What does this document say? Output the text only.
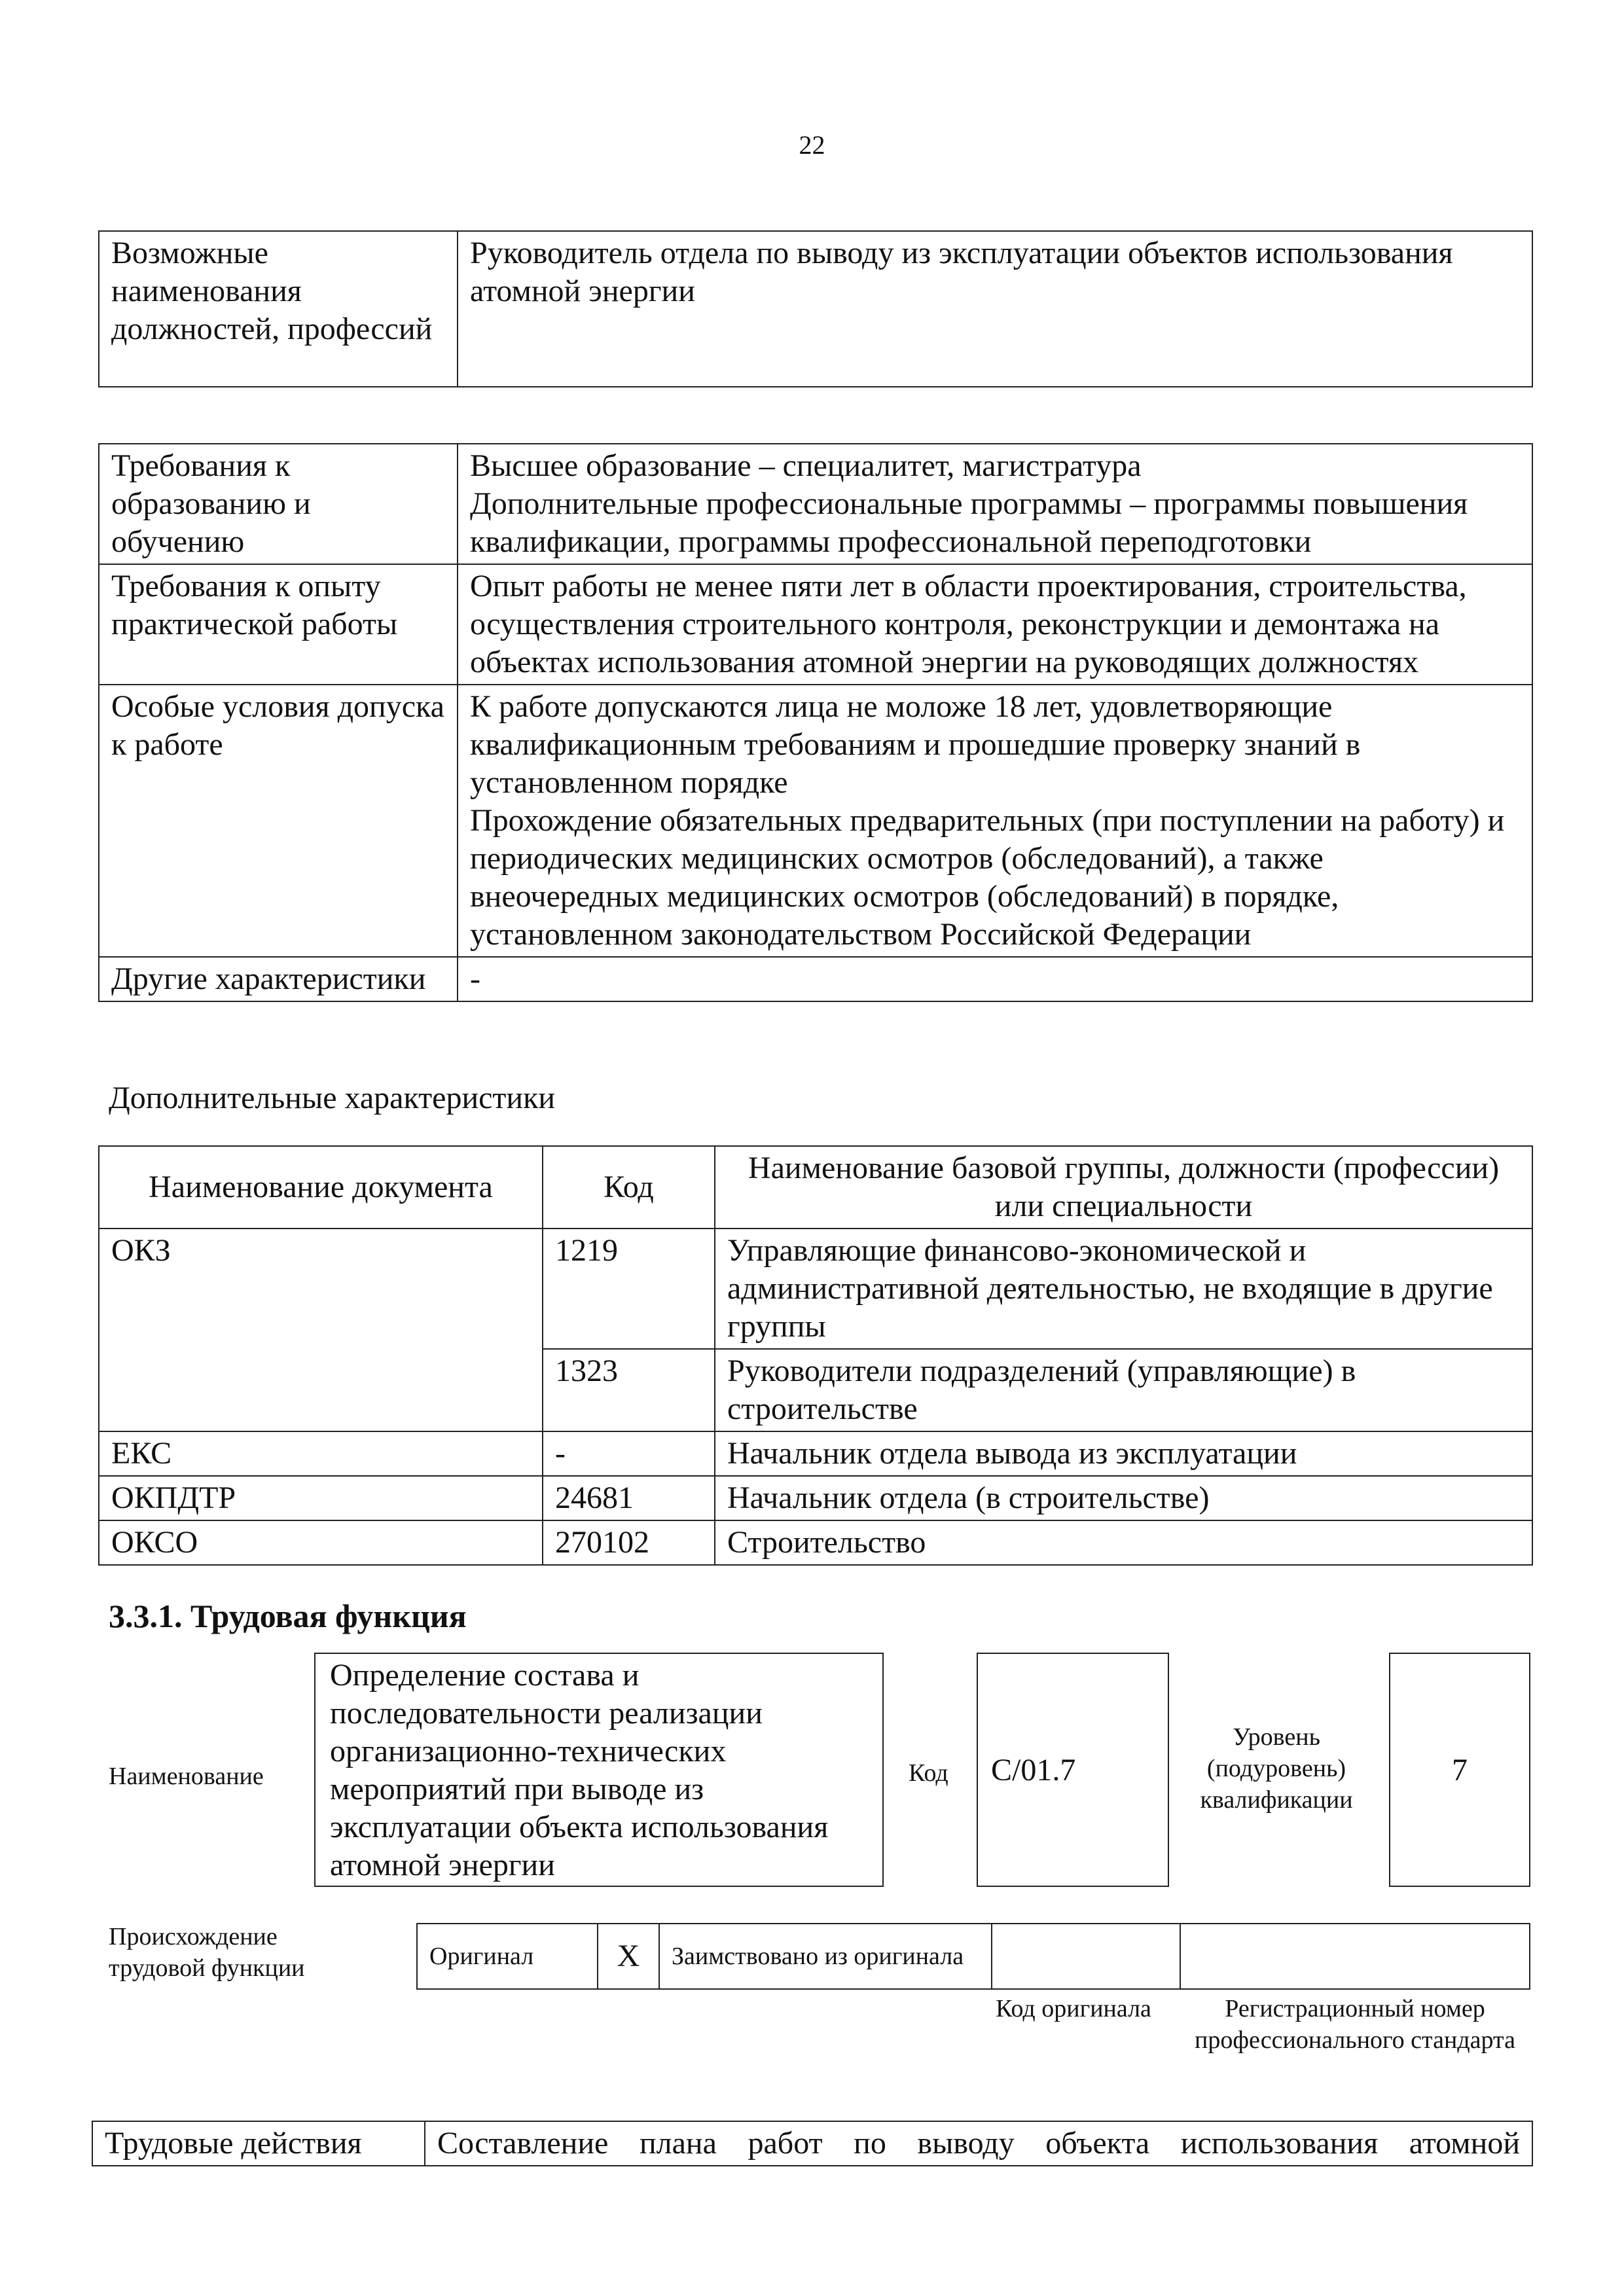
22
Возможные наименования должностей, профессий	Руководитель отдела по выводу из эксплуатации объектов использования атомной энергии
Требования к образованию и обучению	Высшее образование – специалитет, магистратура
Дополнительные профессиональные программы – программы повышения квалификации, программы профессиональной переподготовки

Требования к опыту практической работы	Опыт работы не менее пяти лет в области проектирования, строительства, осуществления строительного контроля, реконструкции и демонтажа на объектах использования атомной энергии на руководящих должностях

Особые условия допуска к работе	К работе допускаются лица не моложе 18 лет, удовлетворяющие квалификационным требованиям и прошедшие проверку знаний в установленном порядке
Прохождение обязательных предварительных (при поступлении на работу) и периодических медицинских осмотров (обследований), а также внеочередных медицинских осмотров (обследований) в порядке, установленном законодательством Российской Федерации

Другие характеристики	-
Дополнительные характеристики
Наименование документа	Код	Наименование базовой группы, должности (профессии) или специальности
ОКЗ	1219	Управляющие финансово-экономической и административной деятельностью, не входящие в другие группы
	1323	Руководители подразделений (управляющие) в строительстве
ЕКС	-	Начальник отдела вывода из эксплуатации
ОКПДТР	24681	Начальник отдела (в строительстве)
ОКСО	270102	Строительство
3.3.1. Трудовая функция
Наименование
Определение состава и последовательности реализации организационно-технических мероприятий при выводе из эксплуатации объекта использования атомной энергии
Код	C/01.7
Уровень (подуровень) квалификации
7
Происхождение трудовой функции	Оригинал	X	Заимствовано из оригинала		
Код оригинала	Регистрационный номер профессионального стандарта
Трудовые действия	Составление плана работ по выводу объекта использования атомной
